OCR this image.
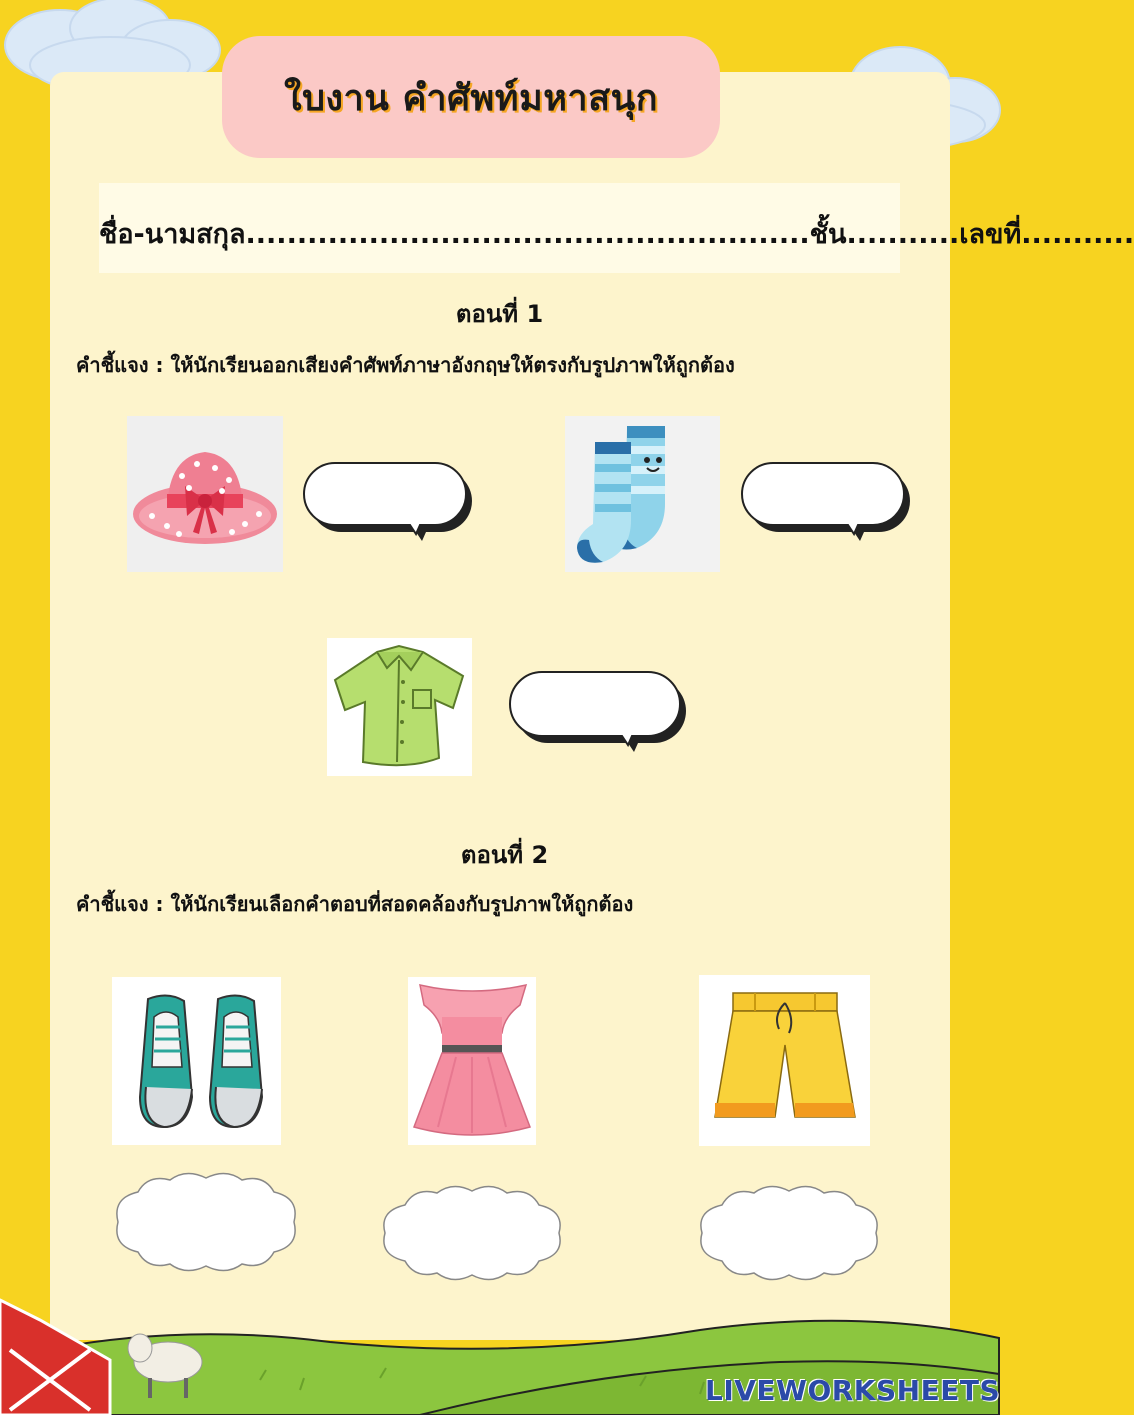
ใบงาน คำศัพท์มหาสนุก
ชื่อ-นามสกุล.......................................................ชั้น...........เลขที่...........
ตอนที่ 1
คำชี้แจง : ให้นักเรียนออกเสียงคำศัพท์ภาษาอังกฤษให้ตรงกับรูปภาพให้ถูกต้อง
ตอนที่ 2
คำชี้แจง : ให้นักเรียนเลือกคำตอบที่สอดคล้องกับรูปภาพให้ถูกต้อง
LIVEWORKSHEETS
